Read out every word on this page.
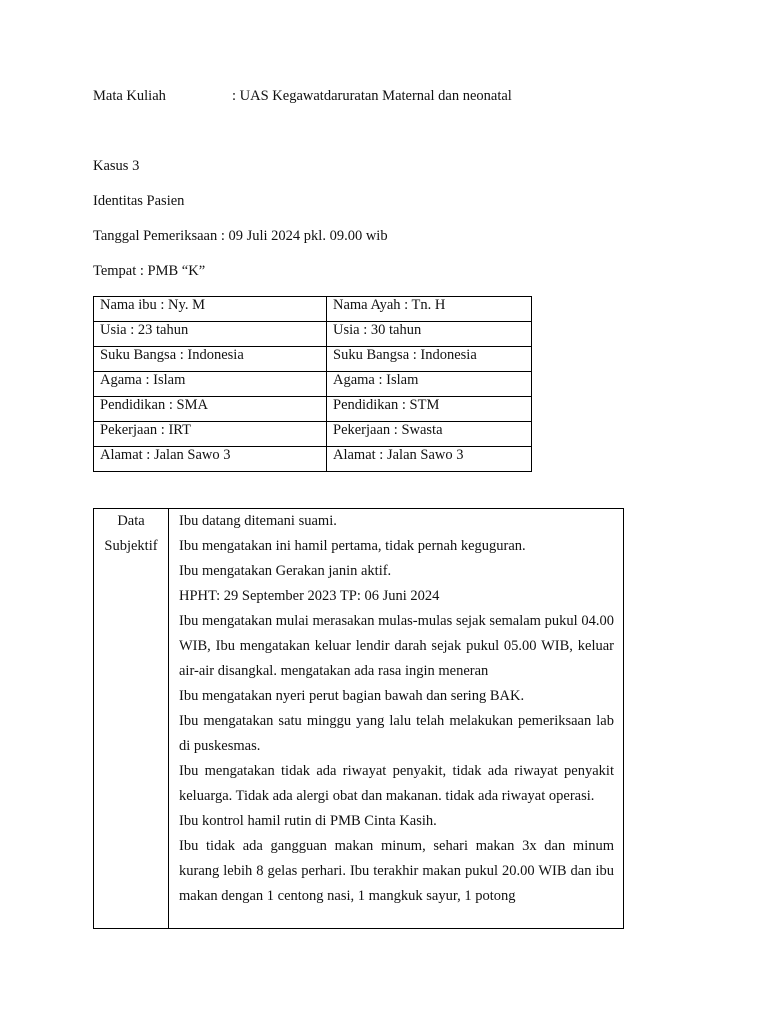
Mata Kuliah	: UAS Kegawatdaruratan Maternal dan neonatal
Kasus 3
Identitas Pasien
Tanggal Pemeriksaan : 09 Juli 2024 pkl. 09.00 wib
Tempat : PMB “K”
Nama ibu : Ny. M	Nama Ayah : Tn. H
Usia : 23 tahun	Usia : 30 tahun
Suku Bangsa : Indonesia	Suku Bangsa : Indonesia
Agama : Islam	Agama : Islam
Pendidikan : SMA	Pendidikan : STM
Pekerjaan : IRT	Pekerjaan : Swasta
Alamat : Jalan Sawo 3	Alamat : Jalan Sawo 3
Data
Subjektif

Ibu datang ditemani suami.

Ibu mengatakan ini hamil pertama, tidak pernah keguguran.

Ibu mengatakan Gerakan janin aktif.

HPHT: 29 September 2023 TP: 06 Juni 2024

Ibu mengatakan mulai merasakan mulas-mulas sejak semalam pukul 04.00 WIB, Ibu mengatakan keluar lendir darah sejak pukul 05.00 WIB, keluar air-air disangkal. mengatakan ada rasa ingin meneran

Ibu mengatakan nyeri perut bagian bawah dan sering BAK.

Ibu mengatakan satu minggu yang lalu telah melakukan pemeriksaan lab di puskesmas.

Ibu mengatakan tidak ada riwayat penyakit, tidak ada riwayat penyakit keluarga. Tidak ada alergi obat dan makanan. tidak ada riwayat operasi.

Ibu kontrol hamil rutin di PMB Cinta Kasih.

Ibu tidak ada gangguan makan minum, sehari makan 3x dan minum kurang lebih 8 gelas perhari. Ibu terakhir makan pukul 20.00 WIB dan ibu makan dengan 1 centong nasi, 1 mangkuk sayur, 1 potong
